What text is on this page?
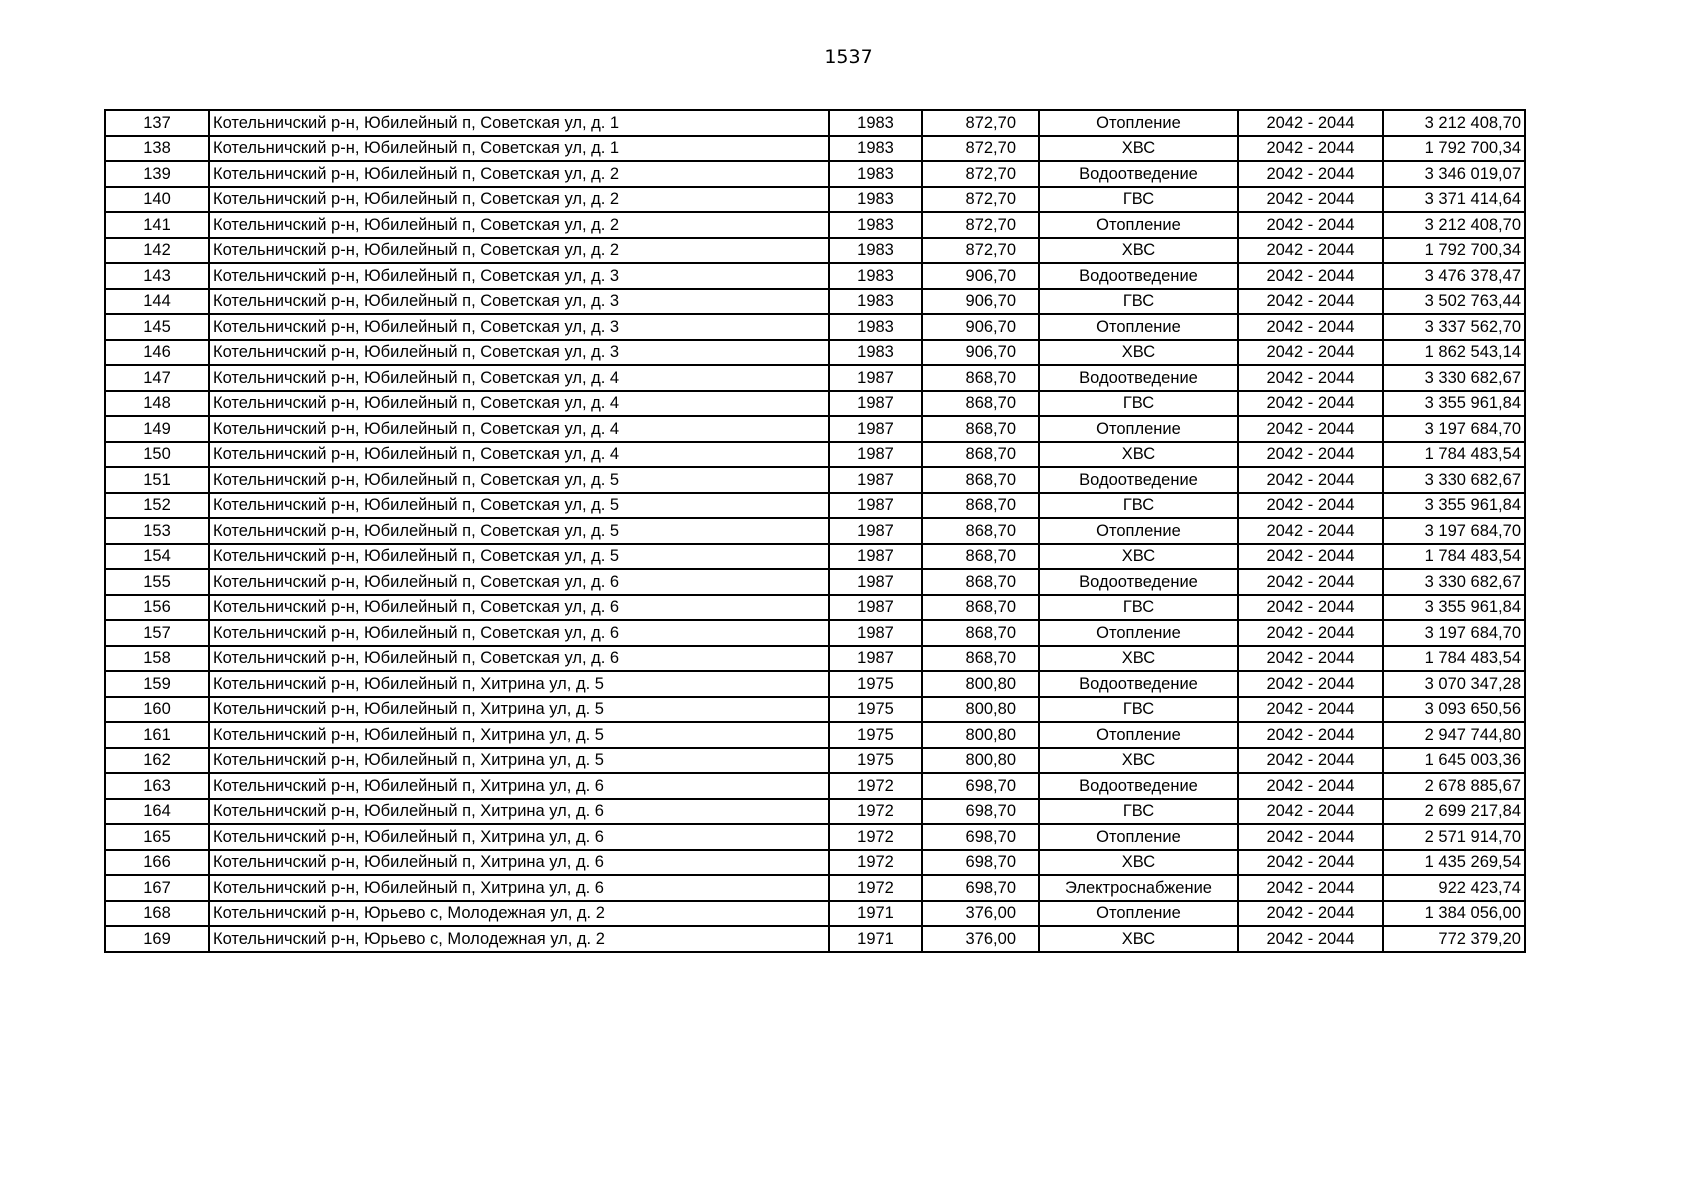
1537
137	Котельничский р-н, Юбилейный п, Советская ул, д. 1	1983	872,70	Отопление	2042 - 2044	3 212 408,70
138	Котельничский р-н, Юбилейный п, Советская ул, д. 1	1983	872,70	ХВС	2042 - 2044	1 792 700,34
139	Котельничский р-н, Юбилейный п, Советская ул, д. 2	1983	872,70	Водоотведение	2042 - 2044	3 346 019,07
140	Котельничский р-н, Юбилейный п, Советская ул, д. 2	1983	872,70	ГВС	2042 - 2044	3 371 414,64
141	Котельничский р-н, Юбилейный п, Советская ул, д. 2	1983	872,70	Отопление	2042 - 2044	3 212 408,70
142	Котельничский р-н, Юбилейный п, Советская ул, д. 2	1983	872,70	ХВС	2042 - 2044	1 792 700,34
143	Котельничский р-н, Юбилейный п, Советская ул, д. 3	1983	906,70	Водоотведение	2042 - 2044	3 476 378,47
144	Котельничский р-н, Юбилейный п, Советская ул, д. 3	1983	906,70	ГВС	2042 - 2044	3 502 763,44
145	Котельничский р-н, Юбилейный п, Советская ул, д. 3	1983	906,70	Отопление	2042 - 2044	3 337 562,70
146	Котельничский р-н, Юбилейный п, Советская ул, д. 3	1983	906,70	ХВС	2042 - 2044	1 862 543,14
147	Котельничский р-н, Юбилейный п, Советская ул, д. 4	1987	868,70	Водоотведение	2042 - 2044	3 330 682,67
148	Котельничский р-н, Юбилейный п, Советская ул, д. 4	1987	868,70	ГВС	2042 - 2044	3 355 961,84
149	Котельничский р-н, Юбилейный п, Советская ул, д. 4	1987	868,70	Отопление	2042 - 2044	3 197 684,70
150	Котельничский р-н, Юбилейный п, Советская ул, д. 4	1987	868,70	ХВС	2042 - 2044	1 784 483,54
151	Котельничский р-н, Юбилейный п, Советская ул, д. 5	1987	868,70	Водоотведение	2042 - 2044	3 330 682,67
152	Котельничский р-н, Юбилейный п, Советская ул, д. 5	1987	868,70	ГВС	2042 - 2044	3 355 961,84
153	Котельничский р-н, Юбилейный п, Советская ул, д. 5	1987	868,70	Отопление	2042 - 2044	3 197 684,70
154	Котельничский р-н, Юбилейный п, Советская ул, д. 5	1987	868,70	ХВС	2042 - 2044	1 784 483,54
155	Котельничский р-н, Юбилейный п, Советская ул, д. 6	1987	868,70	Водоотведение	2042 - 2044	3 330 682,67
156	Котельничский р-н, Юбилейный п, Советская ул, д. 6	1987	868,70	ГВС	2042 - 2044	3 355 961,84
157	Котельничский р-н, Юбилейный п, Советская ул, д. 6	1987	868,70	Отопление	2042 - 2044	3 197 684,70
158	Котельничский р-н, Юбилейный п, Советская ул, д. 6	1987	868,70	ХВС	2042 - 2044	1 784 483,54
159	Котельничский р-н, Юбилейный п, Хитрина ул, д. 5	1975	800,80	Водоотведение	2042 - 2044	3 070 347,28
160	Котельничский р-н, Юбилейный п, Хитрина ул, д. 5	1975	800,80	ГВС	2042 - 2044	3 093 650,56
161	Котельничский р-н, Юбилейный п, Хитрина ул, д. 5	1975	800,80	Отопление	2042 - 2044	2 947 744,80
162	Котельничский р-н, Юбилейный п, Хитрина ул, д. 5	1975	800,80	ХВС	2042 - 2044	1 645 003,36
163	Котельничский р-н, Юбилейный п, Хитрина ул, д. 6	1972	698,70	Водоотведение	2042 - 2044	2 678 885,67
164	Котельничский р-н, Юбилейный п, Хитрина ул, д. 6	1972	698,70	ГВС	2042 - 2044	2 699 217,84
165	Котельничский р-н, Юбилейный п, Хитрина ул, д. 6	1972	698,70	Отопление	2042 - 2044	2 571 914,70
166	Котельничский р-н, Юбилейный п, Хитрина ул, д. 6	1972	698,70	ХВС	2042 - 2044	1 435 269,54
167	Котельничский р-н, Юбилейный п, Хитрина ул, д. 6	1972	698,70	Электроснабжение	2042 - 2044	922 423,74
168	Котельничский р-н, Юрьево с, Молодежная ул, д. 2	1971	376,00	Отопление	2042 - 2044	1 384 056,00
169	Котельничский р-н, Юрьево с, Молодежная ул, д. 2	1971	376,00	ХВС	2042 - 2044	772 379,20
